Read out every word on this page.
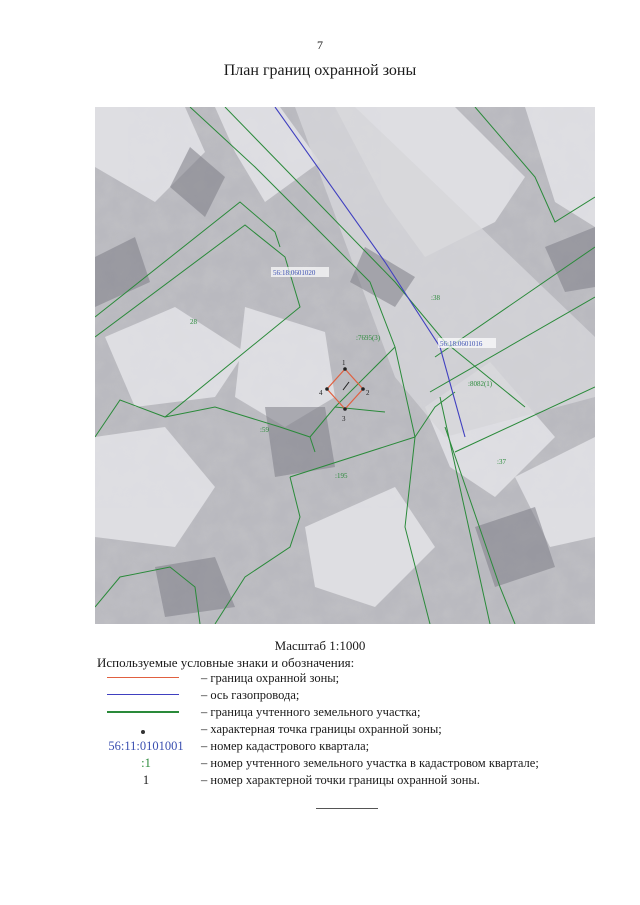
7
План границ охранной зоны
1
2
3
4
56:18:0601020
56:18:0601016
28
:38
:7695(3)
:8082(1)
:59
:195
:37
Масштаб 1:1000
Используемые условные знаки и обозначения:
– граница охранной зоны;
– ось газопровода;
– граница учтенного земельного участка;
– характерная точка границы охранной зоны;
56:11:0101001	– номер кадастрового квартала;
:1	– номер учтенного земельного участка в кадастровом квартале;
1	– номер характерной точки границы охранной зоны.
